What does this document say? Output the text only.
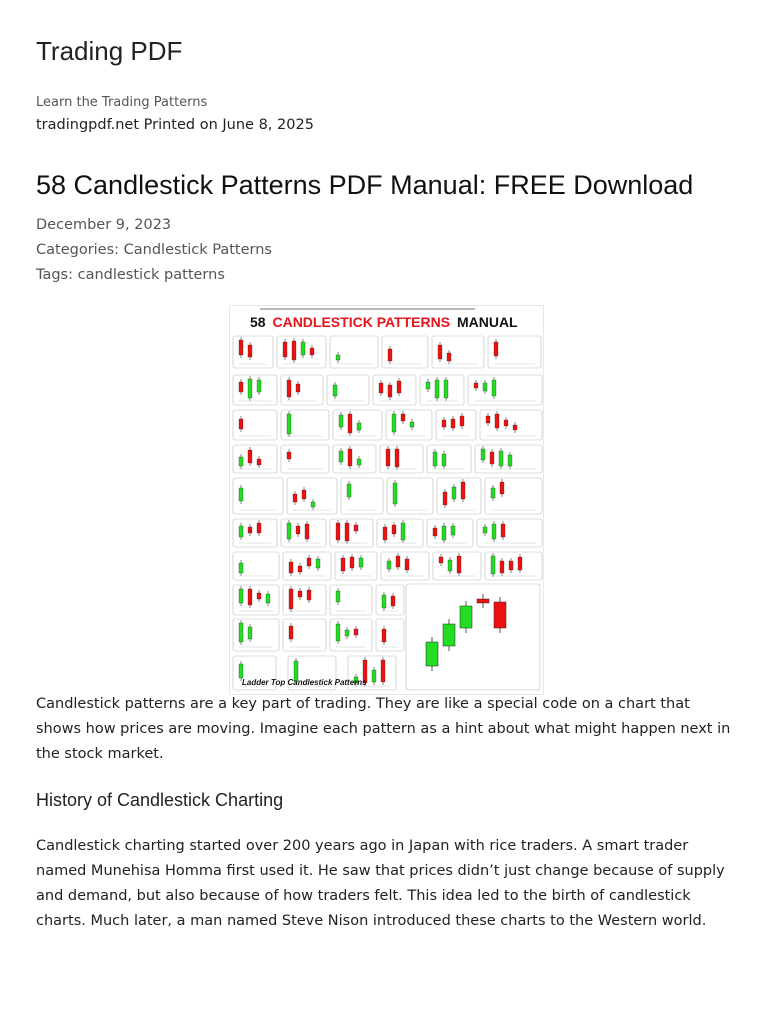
Trading PDF
Learn the Trading Patterns
tradingpdf.net Printed on June 8, 2025
58 Candlestick Patterns PDF Manual: FREE Download
December 9, 2023
Categories: Candlestick Patterns
Tags: candlestick patterns
58 CANDLESTICK PATTERNS MANUAL
Ladder Top Candlestick Patterns

Candlestick patterns are a key part of trading. They are like a special code on a chart that shows how prices are moving. Imagine each pattern as a hint about what might happen next in the stock market.

History of Candlestick Charting

Candlestick charting started over 200 years ago in Japan with rice traders. A smart trader named Munehisa Homma first used it. He saw that prices didn’t just change because of supply and demand, but also because of how traders felt. This idea led to the birth of candlestick charts. Much later, a man named Steve Nison introduced these charts to the Western world.
